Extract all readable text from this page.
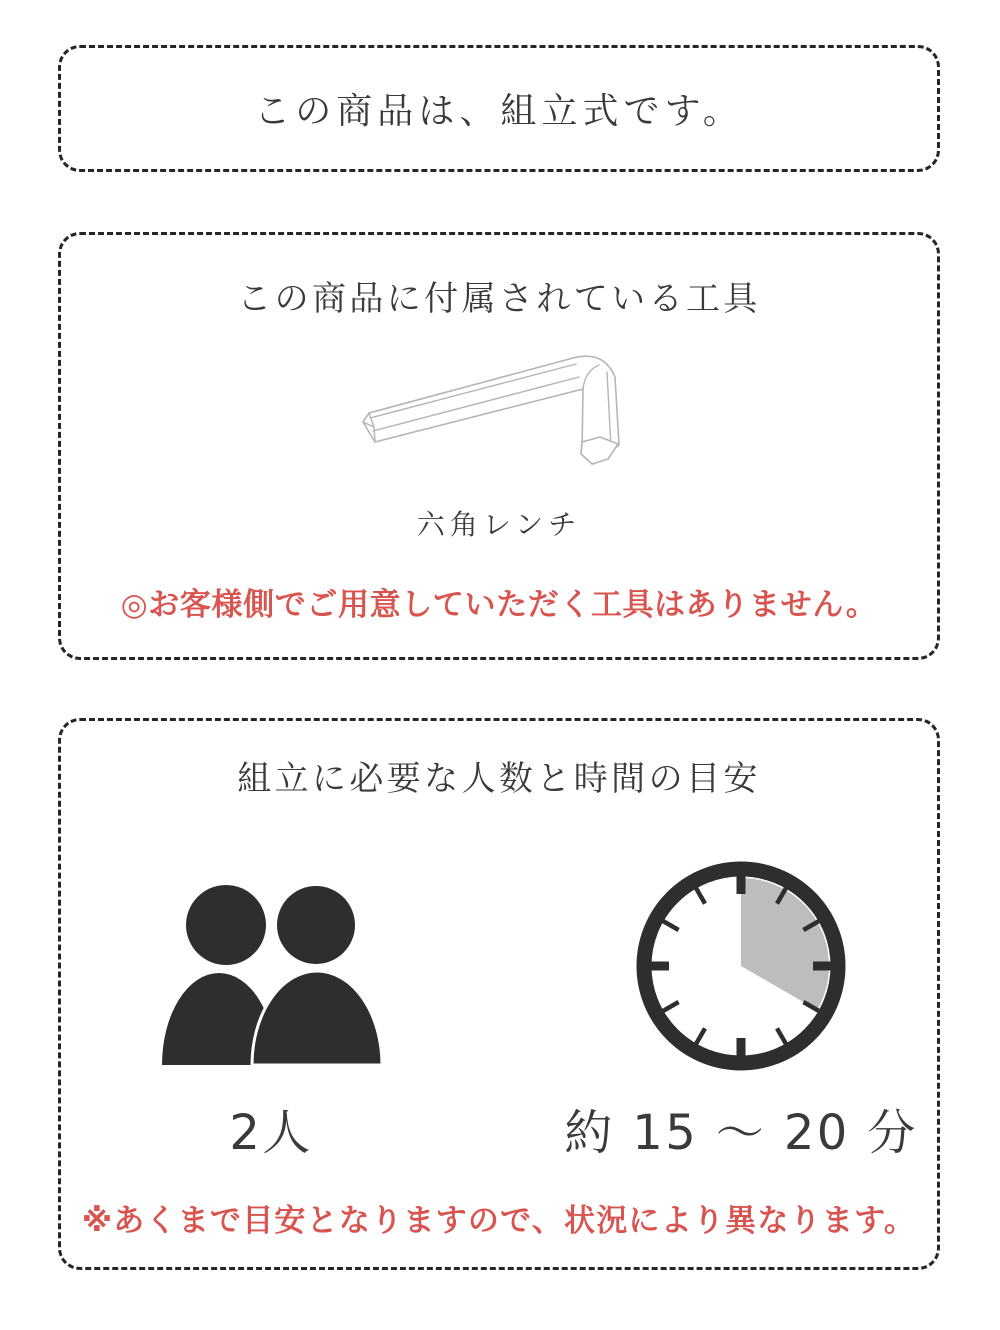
この商品は、組立式です。
この商品に付属されている工具
六角レンチ
◎お客様側でご用意していただく工具はありません。
組立に必要な人数と時間の目安
2人	約 15 〜 20 分
※あくまで目安となりますので、状況により異なります。
